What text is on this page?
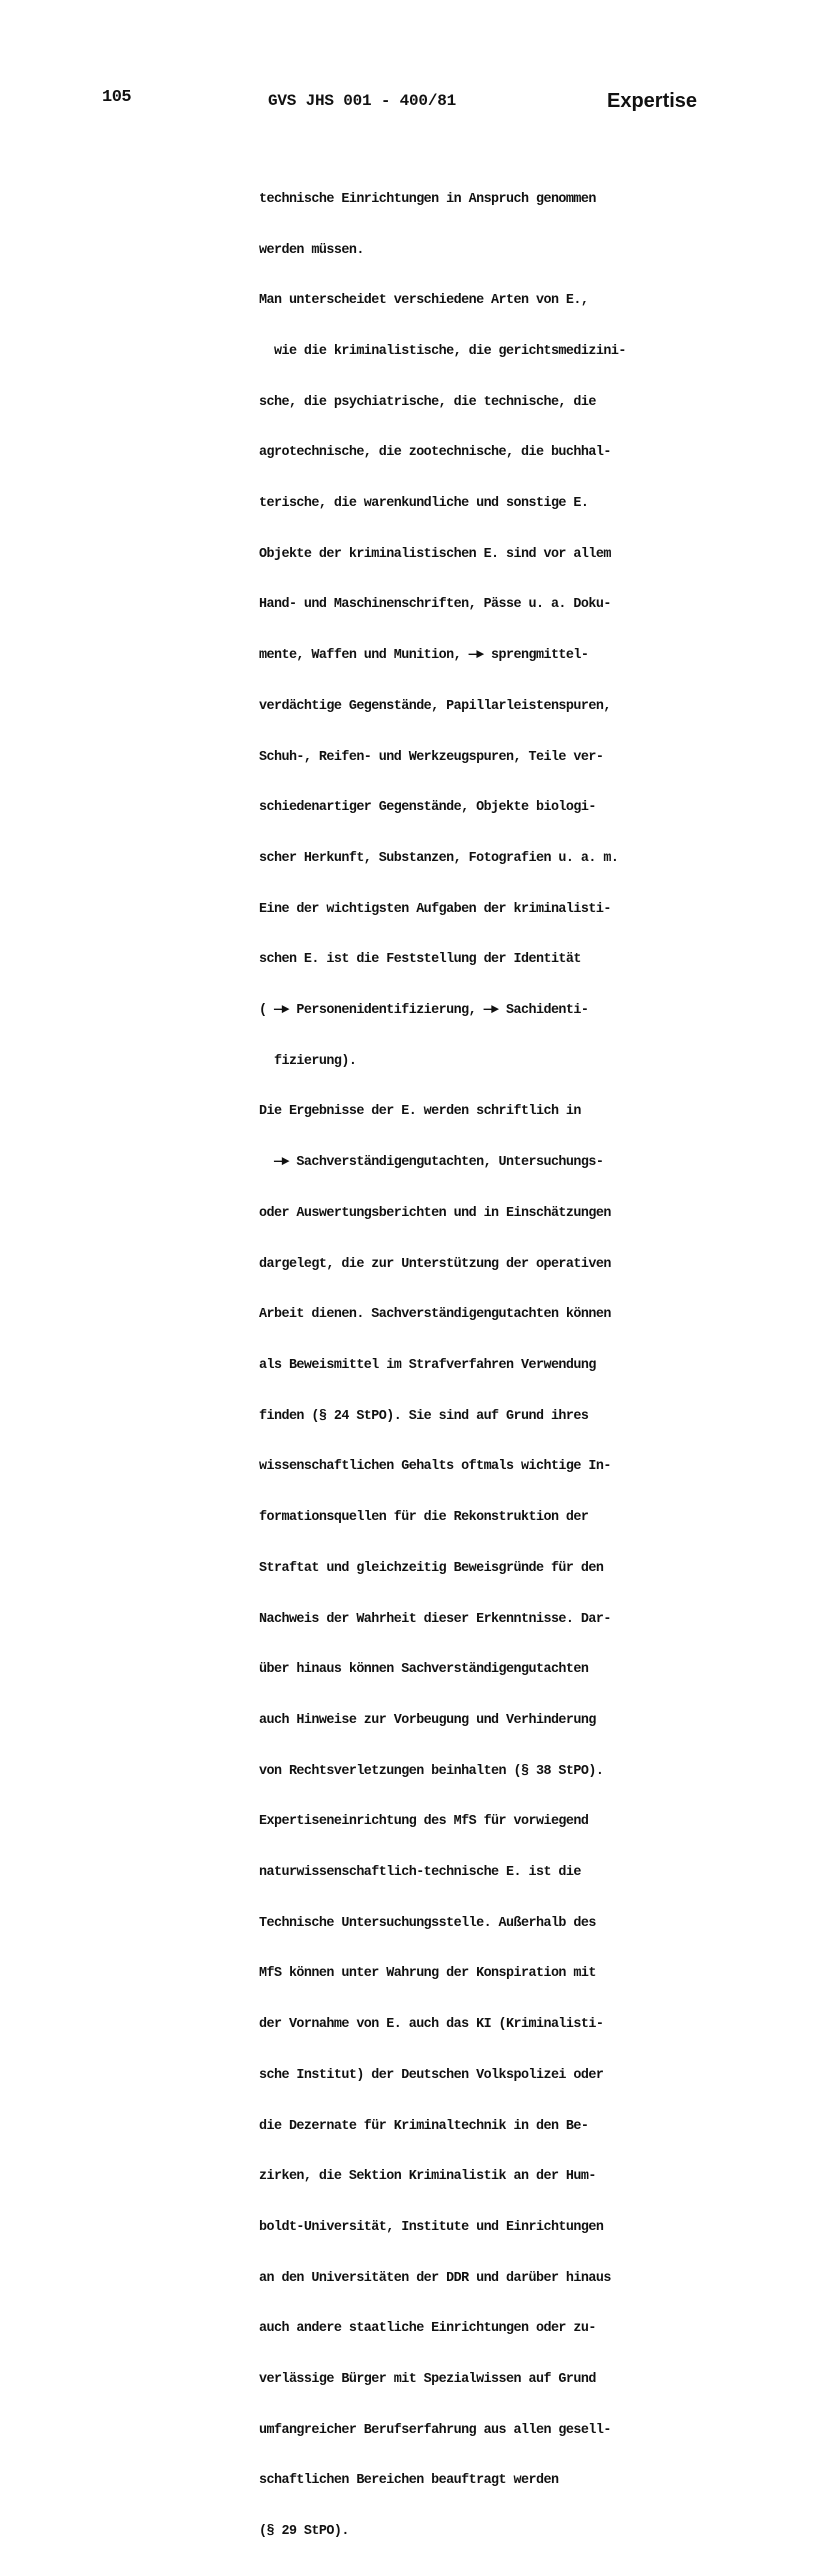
105	GVS JHS 001 - 400/81	Expertise

technische Einrichtungen in Anspruch genommen

werden müssen.

Man unterscheidet verschiedene Arten von E.,

wie die kriminalistische, die gerichtsmedizini-

sche, die psychiatrische, die technische, die

agrotechnische, die zootechnische, die buchhal-

terische, die warenkundliche und sonstige E.

Objekte der kriminalistischen E. sind vor allem

Hand- und Maschinenschriften, Pässe u. a. Doku-

mente, Waffen und Munition, —► sprengmittel-

verdächtige Gegenstände, Papillarleistenspuren,

Schuh-, Reifen- und Werkzeugspuren, Teile ver-

schiedenartiger Gegenstände, Objekte biologi-

scher Herkunft, Substanzen, Fotografien u. a. m.

Eine der wichtigsten Aufgaben der kriminalisti-

schen E. ist die Feststellung der Identität

( —► Personenidentifizierung, —► Sachidenti-

fizierung).

Die Ergebnisse der E. werden schriftlich in

—► Sachverständigengutachten, Untersuchungs-

oder Auswertungsberichten und in Einschätzungen

dargelegt, die zur Unterstützung der operativen

Arbeit dienen. Sachverständigengutachten können

als Beweismittel im Strafverfahren Verwendung

finden (§ 24 StPO). Sie sind auf Grund ihres

wissenschaftlichen Gehalts oftmals wichtige In-

formationsquellen für die Rekonstruktion der

Straftat und gleichzeitig Beweisgründe für den

Nachweis der Wahrheit dieser Erkenntnisse. Dar-

über hinaus können Sachverständigengutachten

auch Hinweise zur Vorbeugung und Verhinderung

von Rechtsverletzungen beinhalten (§ 38 StPO).

Expertiseneinrichtung des MfS für vorwiegend

naturwissenschaftlich-technische E. ist die

Technische Untersuchungsstelle. Außerhalb des

MfS können unter Wahrung der Konspiration mit

der Vornahme von E. auch das KI (Kriminalisti-

sche Institut) der Deutschen Volkspolizei oder

die Dezernate für Kriminaltechnik in den Be-

zirken, die Sektion Kriminalistik an der Hum-

boldt-Universität, Institute und Einrichtungen

an den Universitäten der DDR und darüber hinaus

auch andere staatliche Einrichtungen oder zu-

verlässige Bürger mit Spezialwissen auf Grund

umfangreicher Berufserfahrung aus allen gesell-

schaftlichen Bereichen beauftragt werden

(§ 29 StPO).
